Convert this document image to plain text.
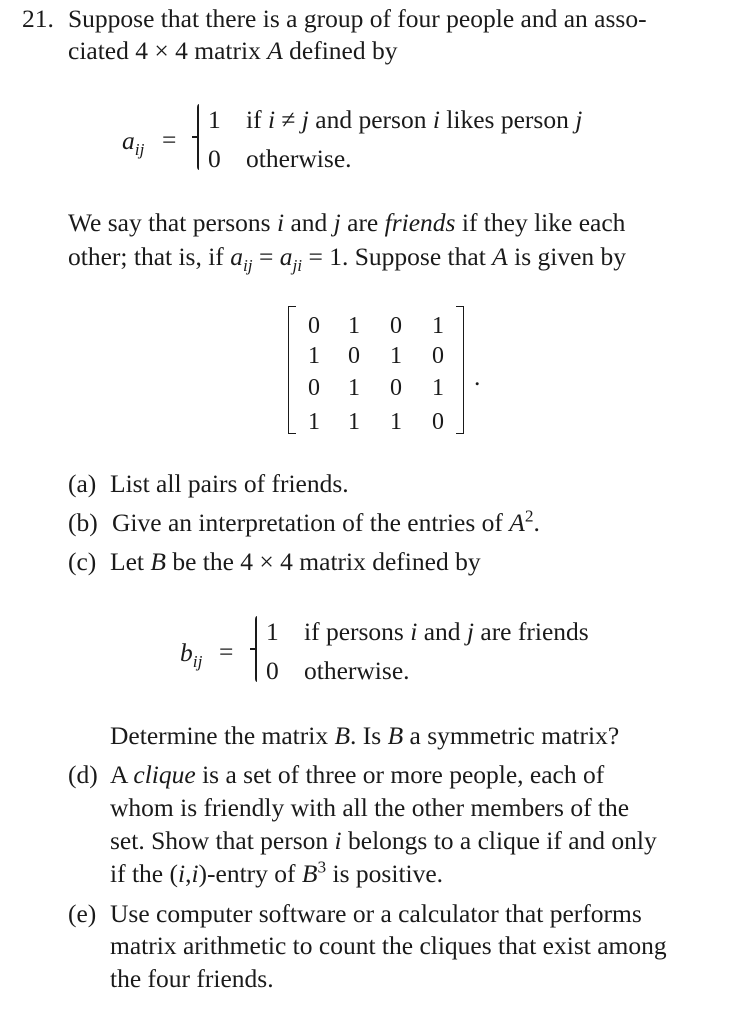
21. Suppose that there is a group of four people and an asso-
ciated 4 × 4 matrix A defined by
$a_{ij}$ =
1 if i ≠ j and person i likes person j
0 otherwise.
We say that persons i and j are friends if they like each
other; that is, if $a_{ij} = a_{ji} = 1$. Suppose that A is given by
0 1 0 1
1 0 1 0
0 1 0 1
1 1 1 0
.
(a) List all pairs of friends.
(b) Give an interpretation of the entries of $A^2$.
(c) Let B be the 4 × 4 matrix defined by
$b_{ij}$ =
1 if persons i and j are friends
0 otherwise.
Determine the matrix B. Is B a symmetric matrix?
(d) A clique is a set of three or more people, each of
whom is friendly with all the other members of the
set. Show that person i belongs to a clique if and only
if the (i,i)-entry of $B^3$ is positive.
(e) Use computer software or a calculator that performs
matrix arithmetic to count the cliques that exist among
the four friends.
